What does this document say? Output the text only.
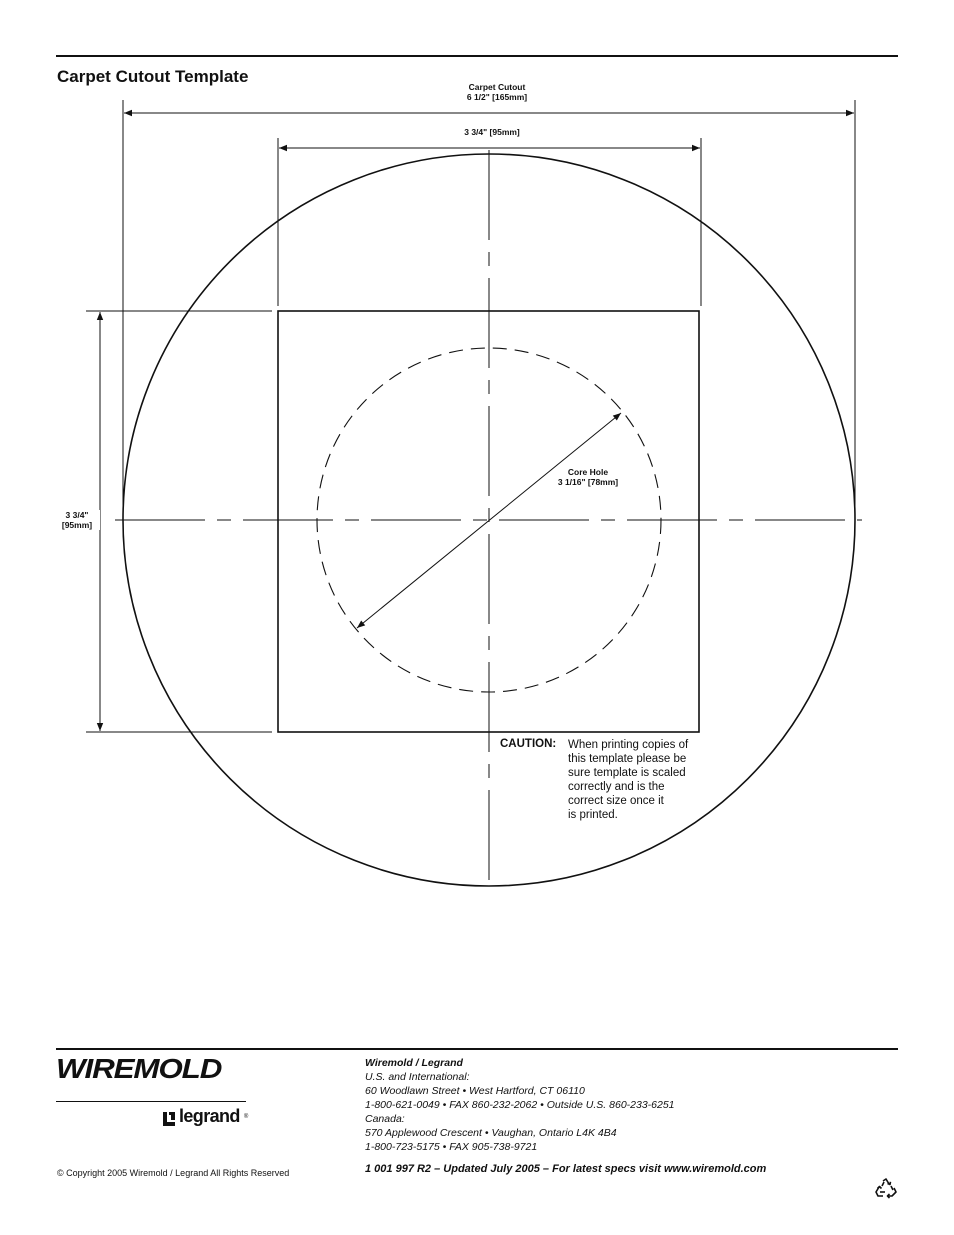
Carpet Cutout Template
Carpet Cutout
6 1/2" [165mm]
3 3/4" [95mm]
3 3/4"
[95mm]
Core Hole
3 1/16" [78mm]
CAUTION: When printing copies of
this template please be
sure template is scaled
correctly and is the
correct size once it
is printed.
WIREMOLD
legrand ®
© Copyright 2005 Wiremold / Legrand All Rights Reserved
Wiremold / Legrand
U.S. and International:
60 Woodlawn Street • West Hartford, CT 06110
1-800-621-0049 • FAX 860-232-2062 • Outside U.S. 860-233-6251
Canada:
570 Applewood Crescent • Vaughan, Ontario L4K 4B4
1-800-723-5175 • FAX 905-738-9721
1 001 997 R2 – Updated July 2005 – For latest specs visit www.wiremold.com
